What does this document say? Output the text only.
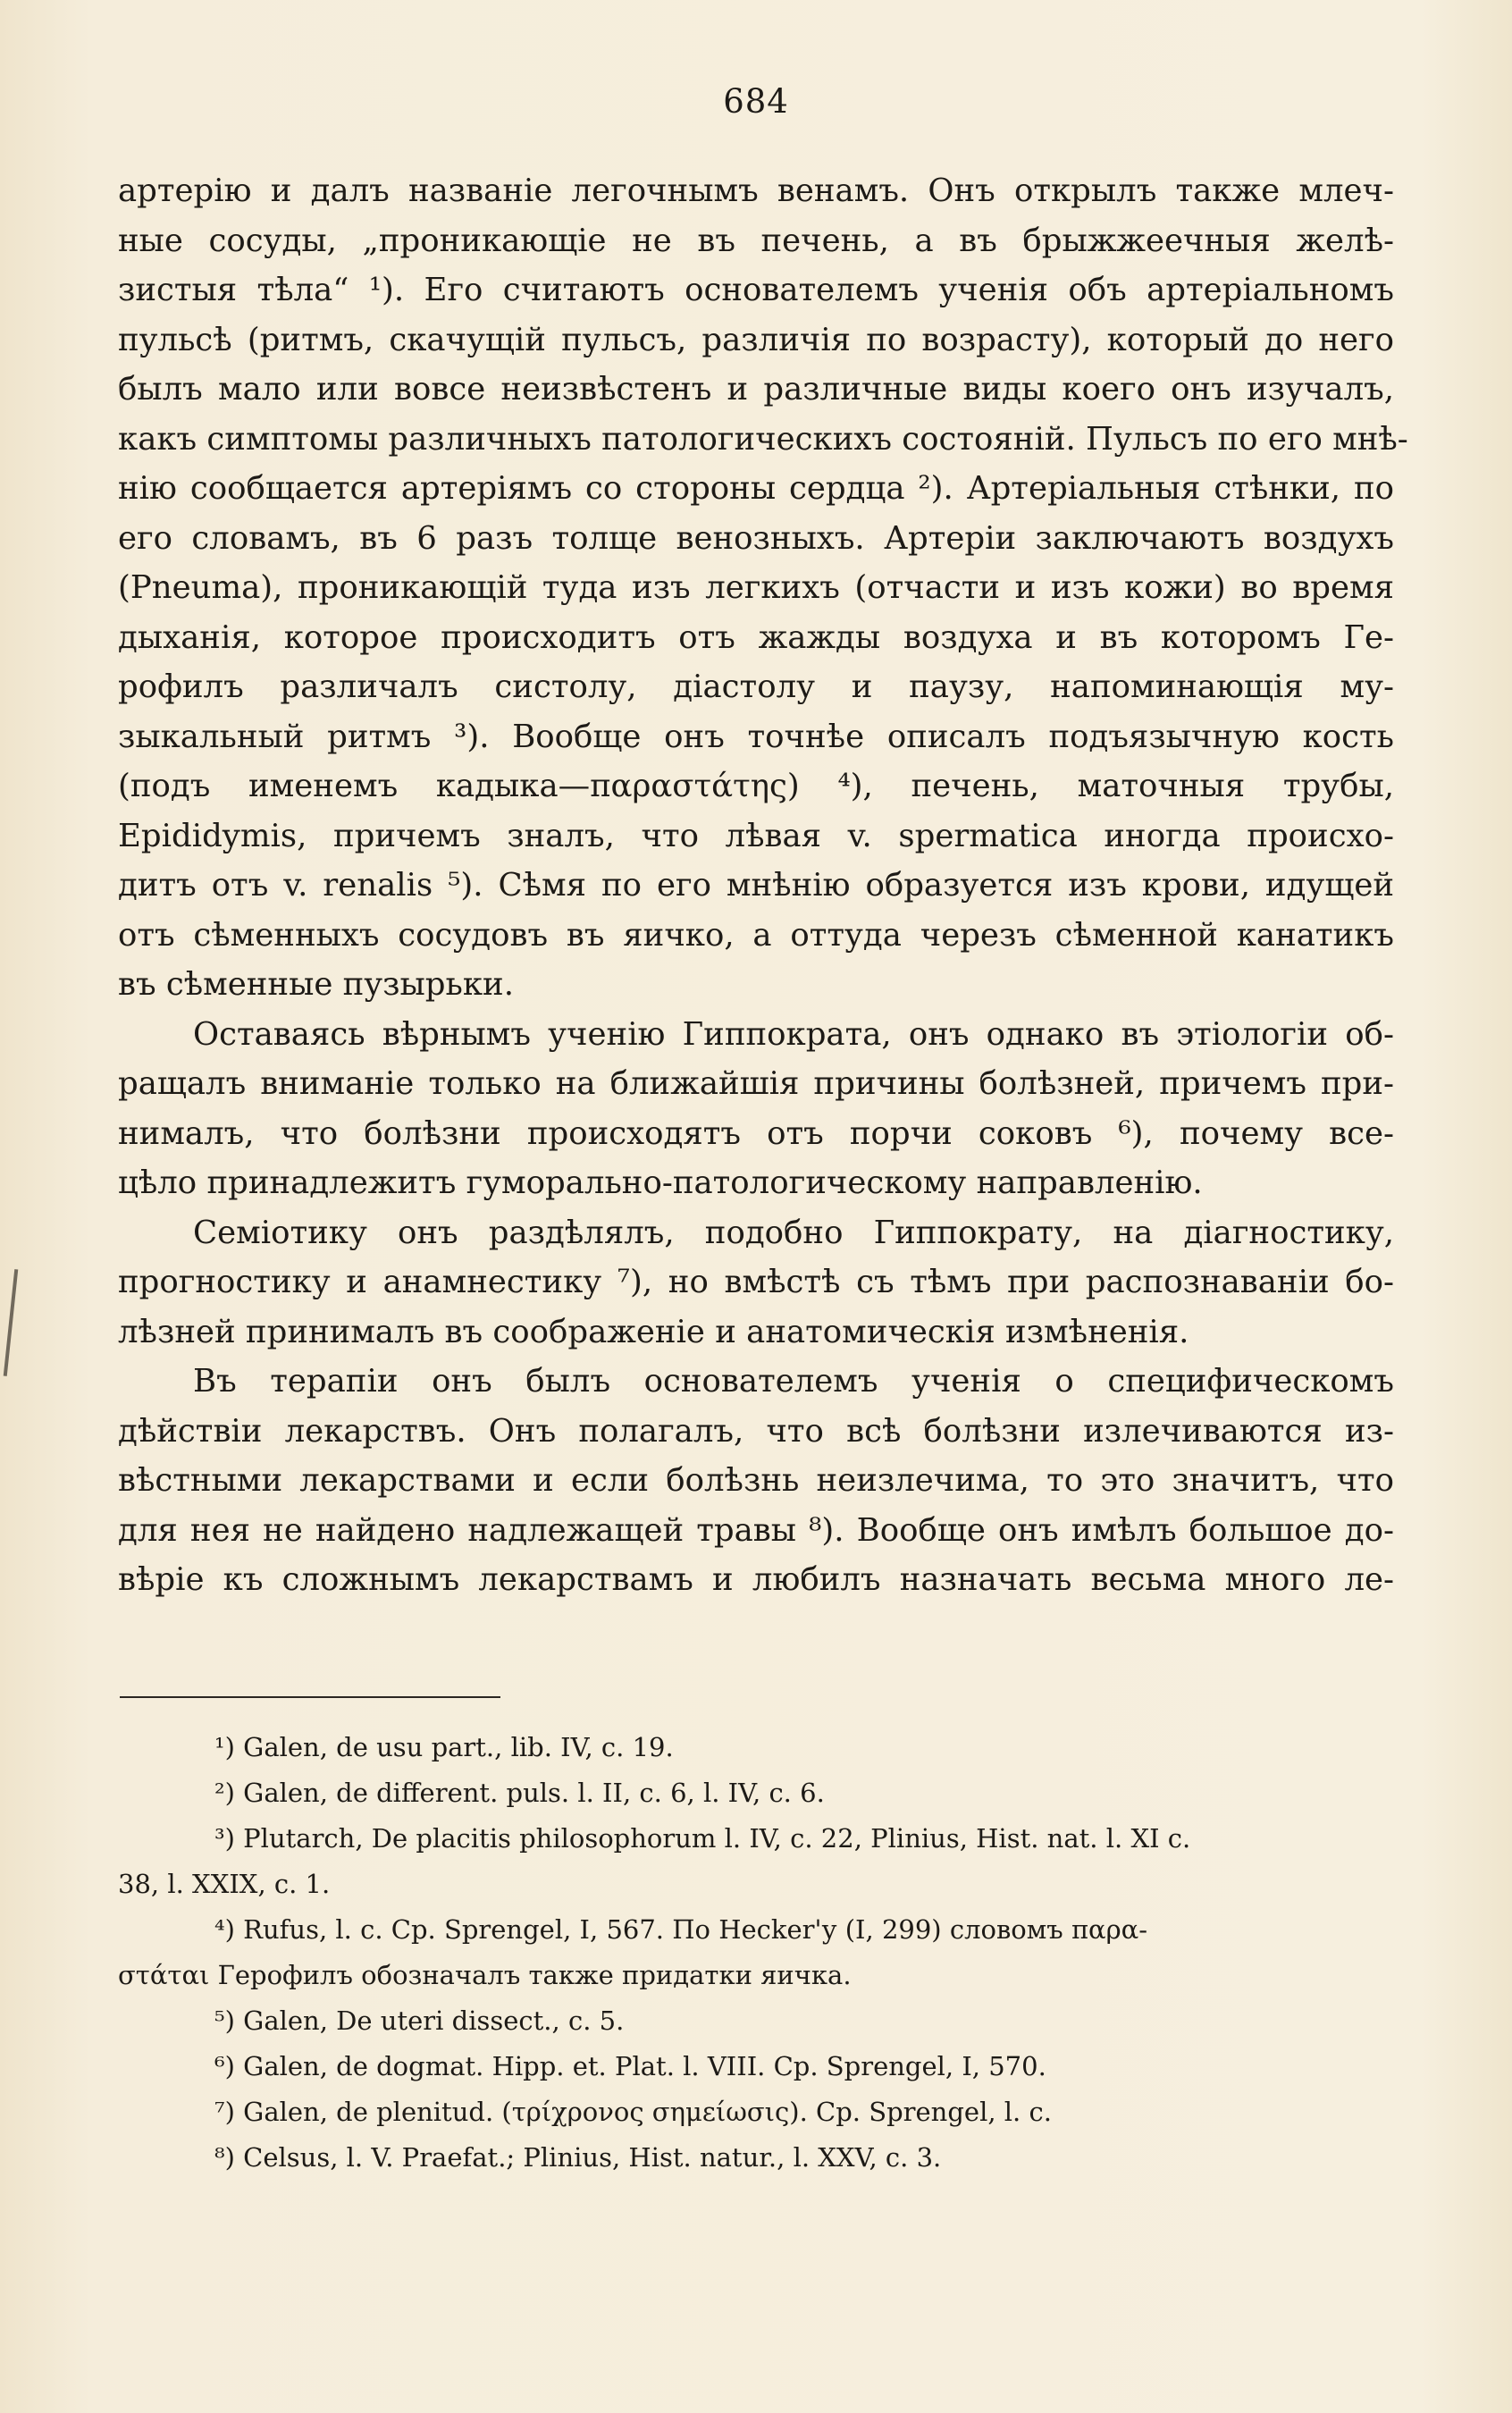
684
артерію и далъ названіе легочнымъ венамъ. Онъ открылъ также млеч-
ные сосуды, „проникающіе не въ печень, а въ брыжжеечныя желѣ-
зистыя тѣла“ ¹). Его считаютъ основателемъ ученія объ артеріальномъ
пульсѣ (ритмъ, скачущій пульсъ, различія по возрасту), который до него
былъ мало или вовсе неизвѣстенъ и различные виды коего онъ изучалъ,
какъ симптомы различныхъ патологическихъ состояній. Пульсъ по его мнѣ-
нію сообщается артеріямъ со стороны сердца ²). Артеріальныя стѣнки, по
его словамъ, въ 6 разъ толще венозныхъ. Артеріи заключаютъ воздухъ
(Pneuma), проникающій туда изъ легкихъ (отчасти и изъ кожи) во время
дыханія, которое происходитъ отъ жажды воздуха и въ которомъ Ге-
рофилъ различалъ систолу, діастолу и паузу, напоминающія му-
зыкальный ритмъ ³). Вообще онъ точнѣе описалъ подъязычную кость
(подъ именемъ кадыка—παραστάτης) ⁴), печень, маточныя трубы,
Epididymis, причемъ зналъ, что лѣвая v. spermatica иногда происхо-
дитъ отъ v. renalis ⁵). Сѣмя по его мнѣнію образуется изъ крови, идущей
отъ сѣменныхъ сосудовъ въ яичко, а оттуда черезъ сѣменной канатикъ
въ сѣменные пузырьки.
Оставаясь вѣрнымъ ученію Гиппократа, онъ однако въ этіологіи об-
ращалъ вниманіе только на ближайшія причины болѣзней, причемъ при-
нималъ, что болѣзни происходятъ отъ порчи соковъ ⁶), почему все-
цѣло принадлежитъ гуморально-патологическому направленію.
Семіотику онъ раздѣлялъ, подобно Гиппократу, на діагностику,
прогностику и анамнестику ⁷), но вмѣстѣ съ тѣмъ при распознаваніи бо-
лѣзней принималъ въ соображеніе и анатомическія измѣненія.
Въ терапіи онъ былъ основателемъ ученія о специфическомъ
дѣйствіи лекарствъ. Онъ полагалъ, что всѣ болѣзни излечиваются из-
вѣстными лекарствами и если болѣзнь неизлечима, то это значитъ, что
для нея не найдено надлежащей травы ⁸). Вообще онъ имѣлъ большое до-
вѣріе къ сложнымъ лекарствамъ и любилъ назначать весьма много ле-
¹) Galen, de usu part., lib. IV, c. 19.
²) Galen, de different. puls. l. II, c. 6, l. IV, c. 6.
³) Plutarch, De placitis philosophorum l. IV, c. 22, Plinius, Hist. nat. l. XI c.
38, l. XXIX, c. 1.
⁴) Rufus, l. c. Cp. Sprengel, I, 567. По Hecker'у (I, 299) словомъ παρα-
στάται Герофилъ обозначалъ также придатки яичка.
⁵) Galen, De uteri dissect., c. 5.
⁶) Galen, de dogmat. Hipp. et. Plat. l. VIII. Cp. Sprengel, I, 570.
⁷) Galen, de plenitud. (τρίχρονος σημείωσις). Cp. Sprengel, l. c.
⁸) Celsus, l. V. Praefat.; Plinius, Hist. natur., l. XXV, c. 3.
